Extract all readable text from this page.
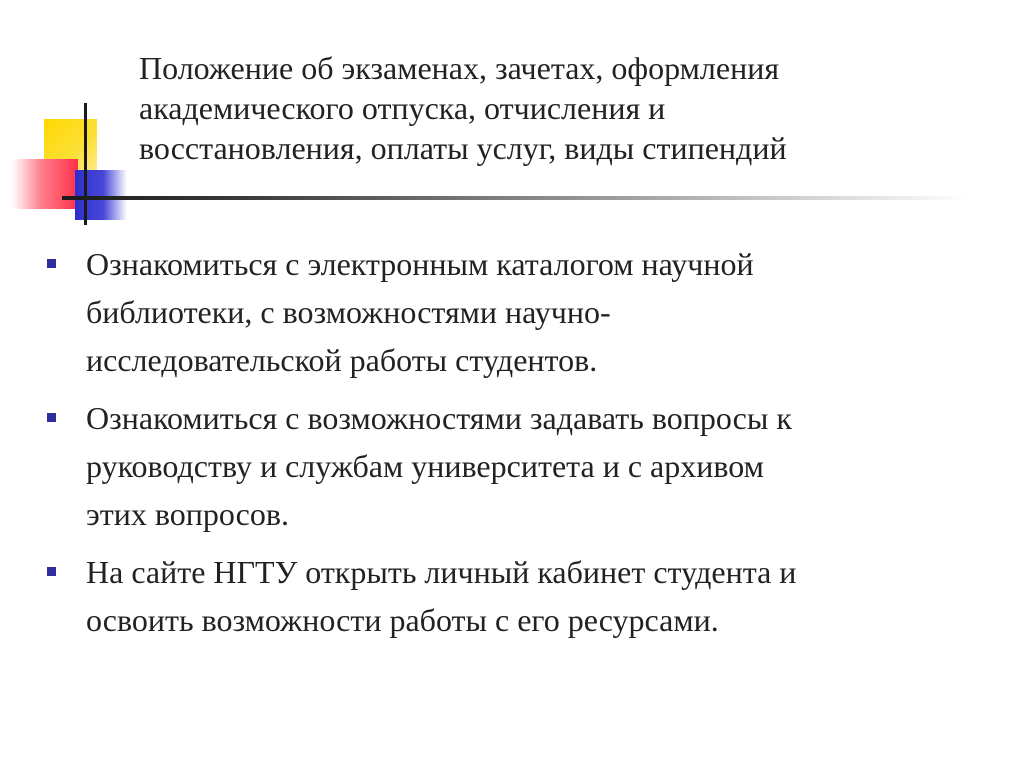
Положение об экзаменах, зачетах, оформления
академического отпуска, отчисления и
восстановления, оплаты услуг, виды стипендий
Ознакомиться с электронным каталогом научной
библиотеки, с возможностями научно-
исследовательской работы студентов.
Ознакомиться с возможностями задавать вопросы к
руководству и службам университета и с архивом
этих вопросов.
На сайте НГТУ открыть личный кабинет студента и
освоить возможности работы с его ресурсами.
